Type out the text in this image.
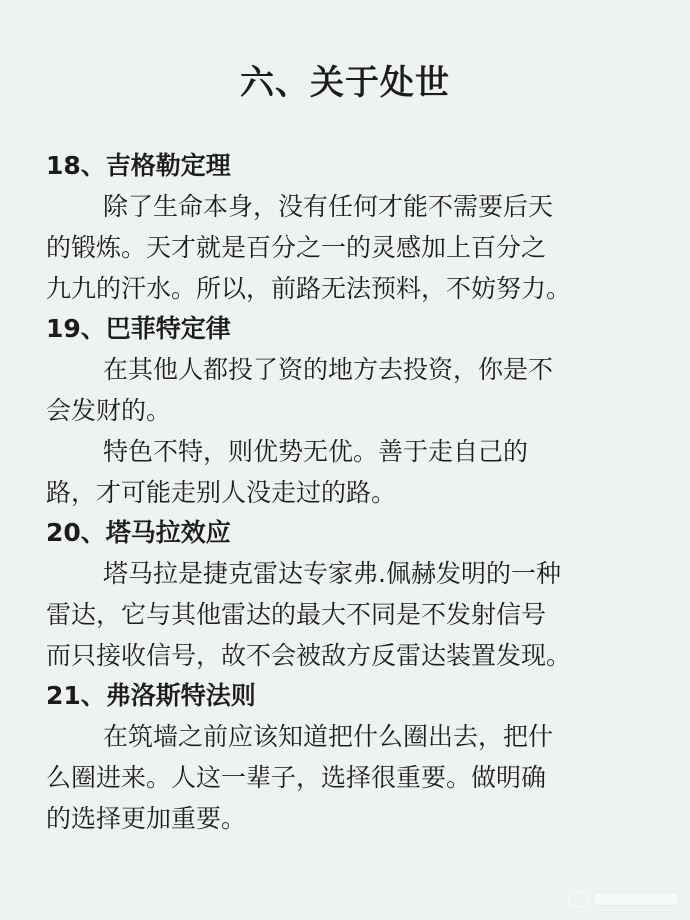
六、关于处世
18、吉格勒定理
除了生命本身，没有任何才能不需要后天
的锻炼。天才就是百分之一的灵感加上百分之
九九的汗水。所以，前路无法预料，不妨努力。
19、巴菲特定律
在其他人都投了资的地方去投资，你是不
会发财的。
特色不特，则优势无优。善于走自己的
路，才可能走别人没走过的路。
20、塔马拉效应
塔马拉是捷克雷达专家弗.佩赫发明的一种
雷达，它与其他雷达的最大不同是不发射信号
而只接收信号，故不会被敌方反雷达装置发现。
21、弗洛斯特法则
在筑墙之前应该知道把什么圈出去，把什
么圈进来。人这一辈子，选择很重要。做明确
的选择更加重要。
